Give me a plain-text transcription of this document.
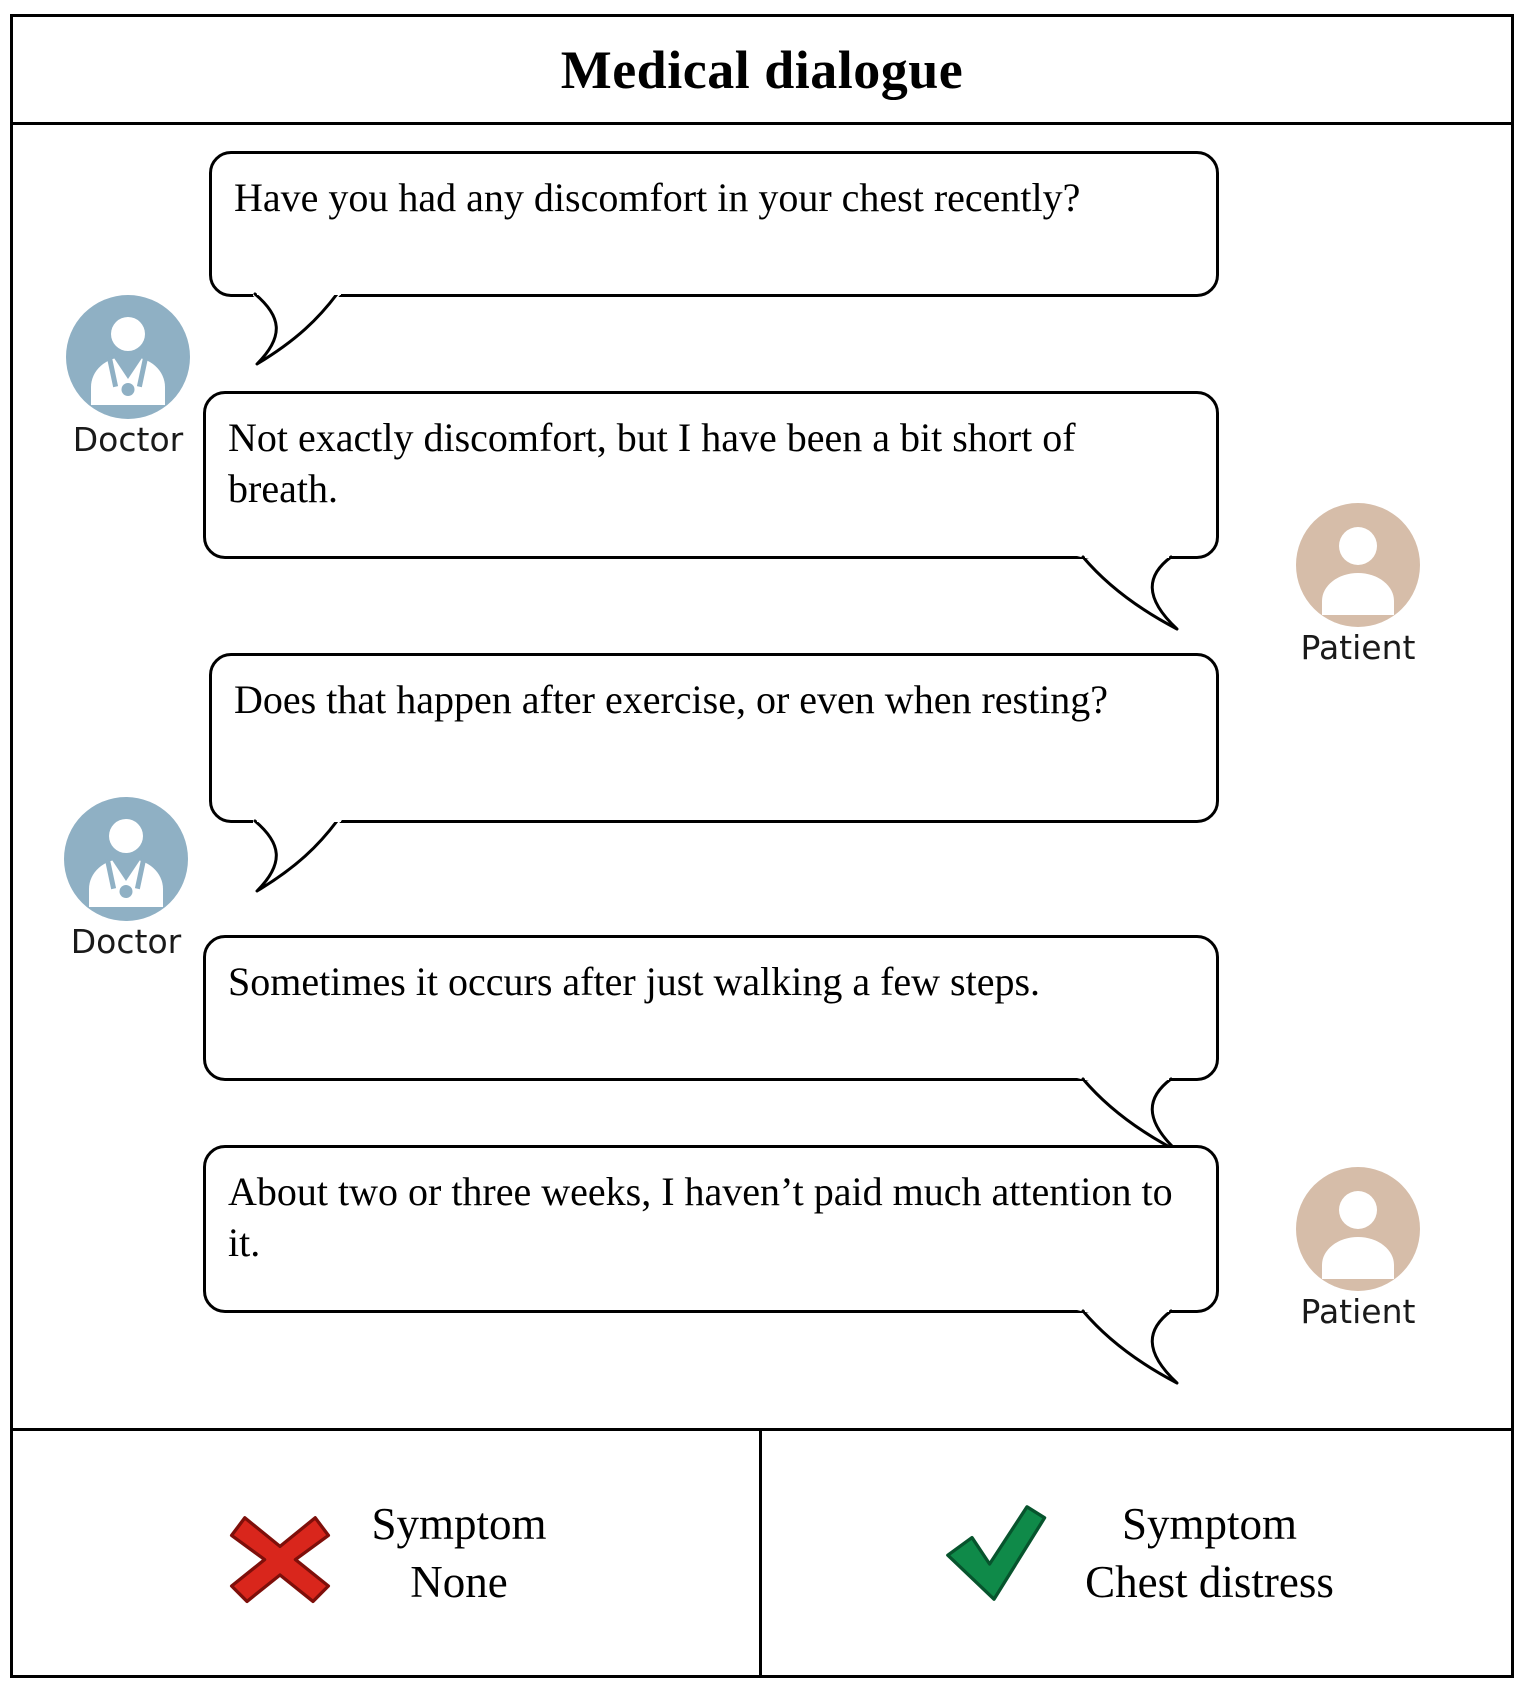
Medical dialogue
Doctor
Patient
Doctor
Patient
Have you had any discomfort in your chest recently?
Not exactly discomfort, but I have been a bit short of breath.
Does that happen after exercise, or even when resting?
Sometimes it occurs after just walking a few steps.
About two or three weeks, I haven’t paid much attention to it.
Symptom
None
Symptom
Chest distress
